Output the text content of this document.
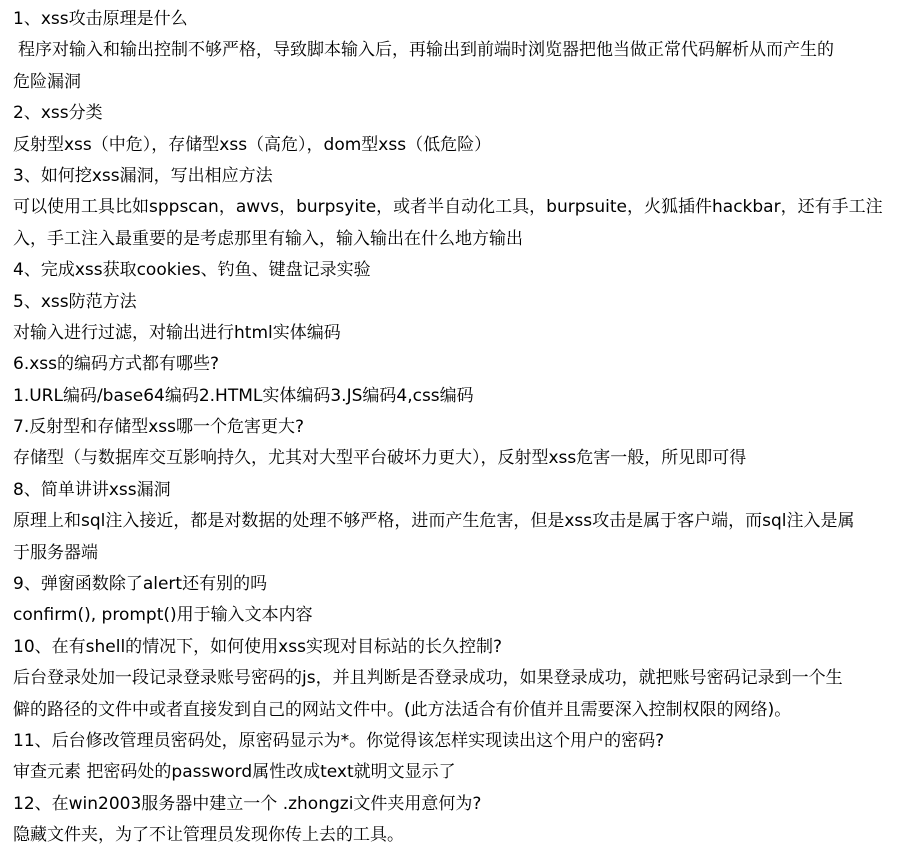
1、xss攻击原理是什么
程序对输入和输出控制不够严格，导致脚本输入后，再输出到前端时浏览器把他当做正常代码解析从而产生的
危险漏洞
2、xss分类
反射型xss（中危），存储型xss（高危），dom型xss（低危险）
3、如何挖xss漏洞，写出相应方法
可以使用工具比如sppscan，awvs，burpsyite，或者半自动化工具，burpsuite，火狐插件hackbar，还有手工注
入，手工注入最重要的是考虑那里有输入，输入输出在什么地方输出
4、完成xss获取cookies、钓鱼、键盘记录实验
5、xss防范方法
对输入进行过滤，对输出进行html实体编码
6.xss的编码方式都有哪些?
1.URL编码/base64编码2.HTML实体编码3.JS编码4,css编码
7.反射型和存储型xss哪一个危害更大?
存储型（与数据库交互影响持久，尤其对大型平台破坏力更大），反射型xss危害一般，所见即可得
8、简单讲讲xss漏洞
原理上和sql注入接近，都是对数据的处理不够严格，进而产生危害，但是xss攻击是属于客户端，而sql注入是属
于服务器端
9、弹窗函数除了alert还有别的吗
confirm(), prompt()用于输入文本内容
10、在有shell的情况下，如何使用xss实现对目标站的长久控制?
后台登录处加一段记录登录账号密码的js，并且判断是否登录成功，如果登录成功，就把账号密码记录到一个生
僻的路径的文件中或者直接发到自己的网站文件中。(此方法适合有价值并且需要深入控制权限的网络)。
11、后台修改管理员密码处，原密码显示为*。你觉得该怎样实现读出这个用户的密码?
审查元素 把密码处的password属性改成text就明文显示了
12、在win2003服务器中建立一个 .zhongzi文件夹用意何为?
隐藏文件夹，为了不让管理员发现你传上去的工具。
